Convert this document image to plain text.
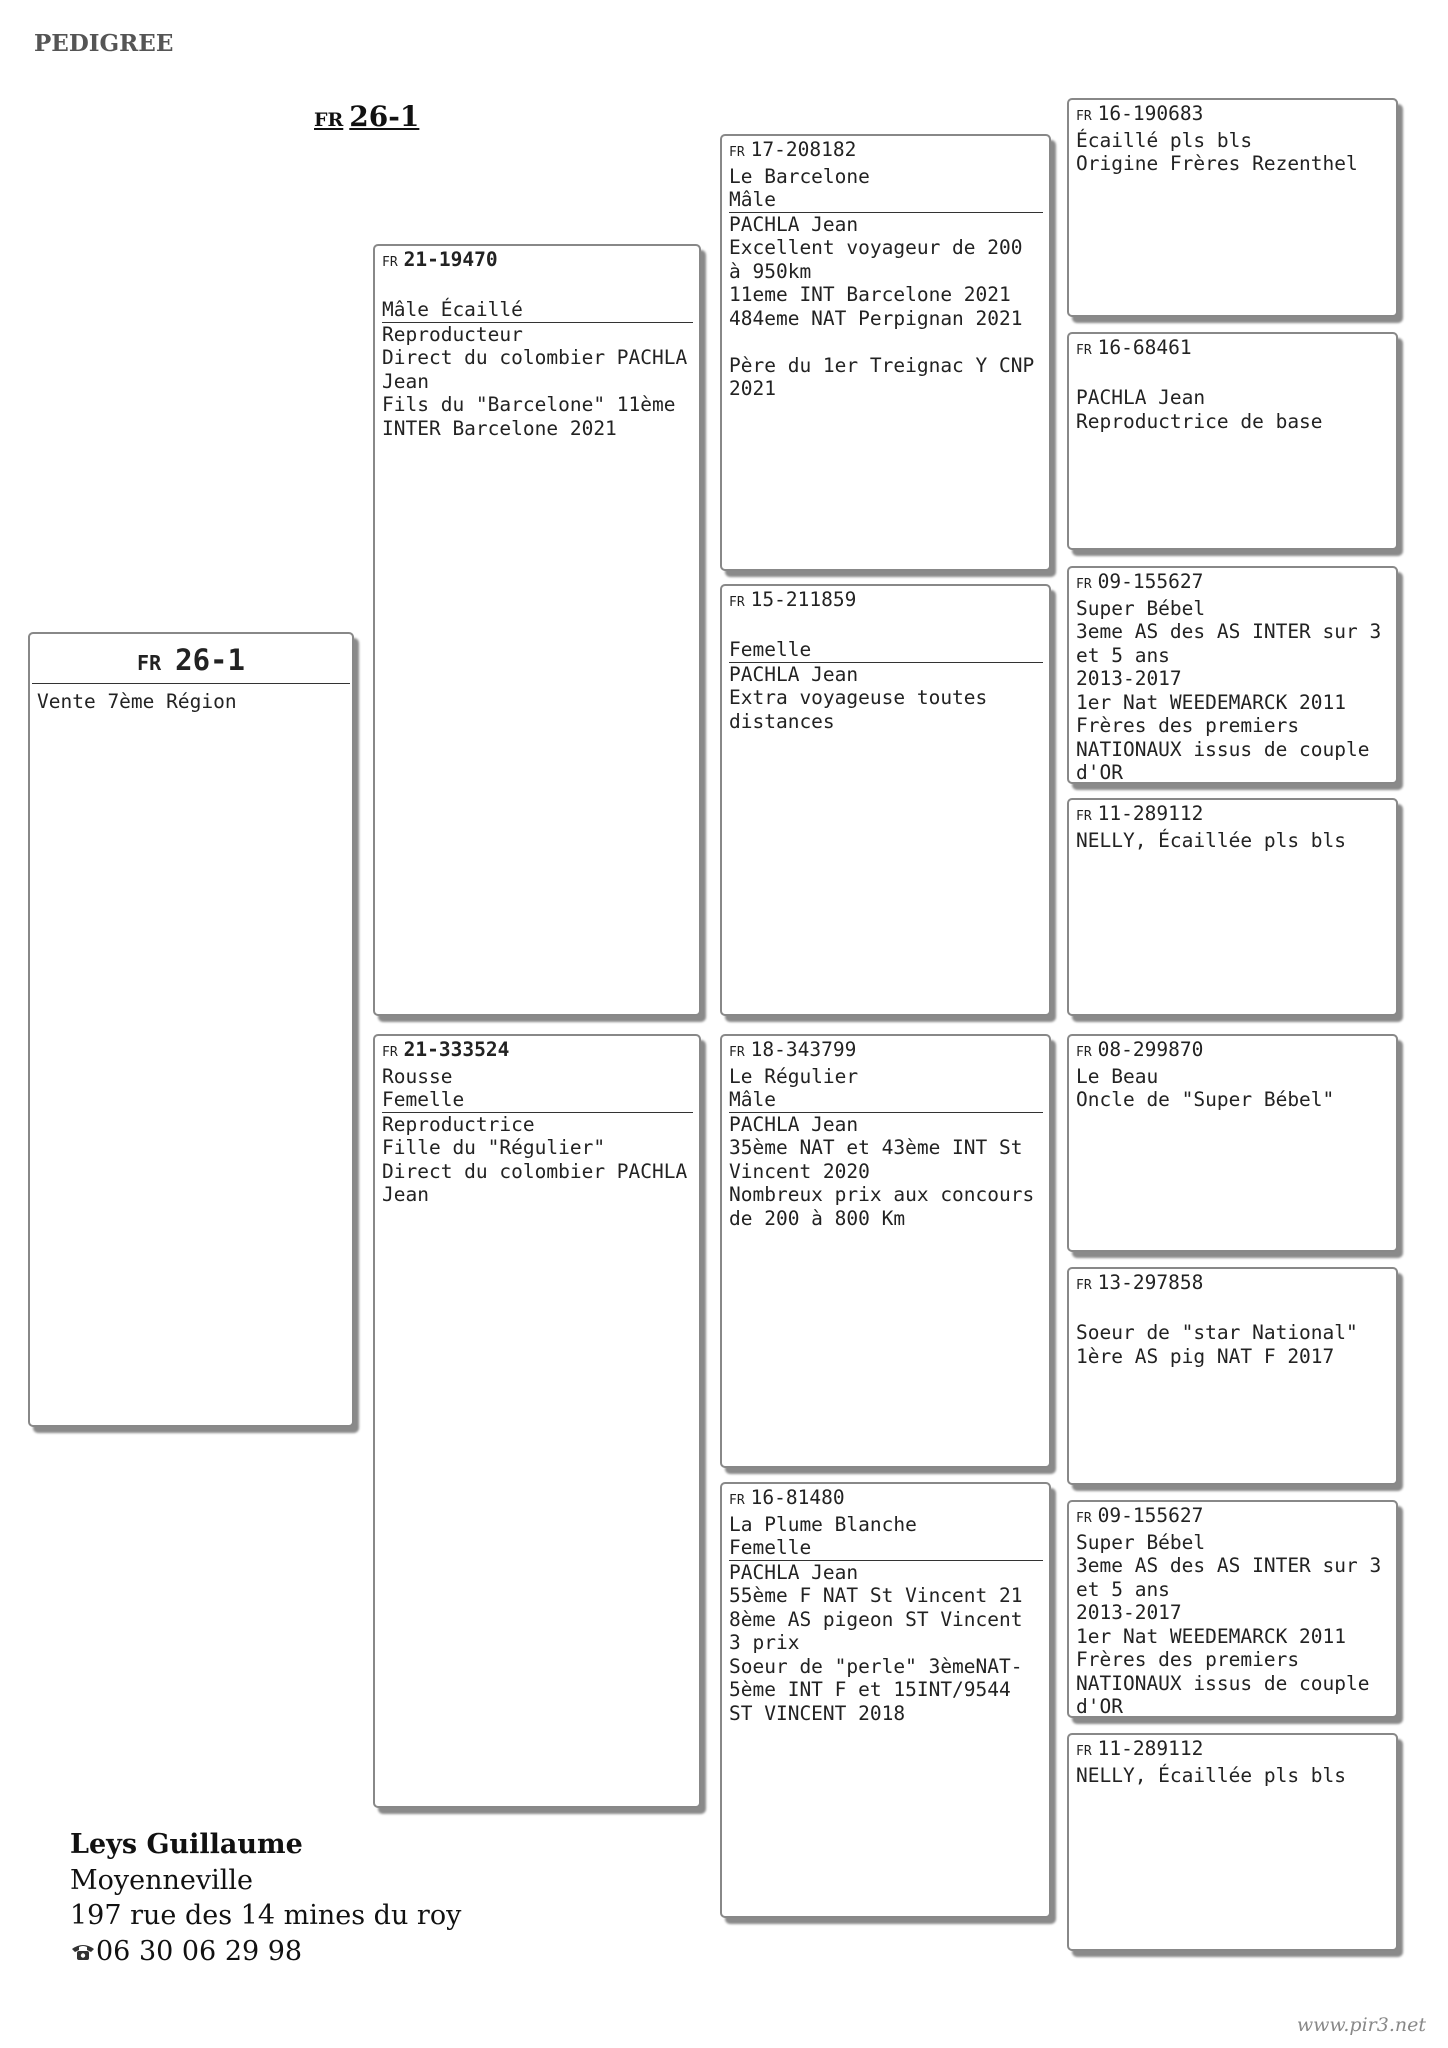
PEDIGREE
FR 26-1
FR 26-1
Vente 7ème Région
FR 21-19470
Mâle Écaillé
Reproducteur
Direct du colombier PACHLA Jean
Fils du "Barcelone" 11ème INTER Barcelone 2021
FR 21-333524
Rousse
Femelle
Reproductrice
Fille du "Régulier"
Direct du colombier PACHLA Jean
FR 17-208182
Le Barcelone
Mâle
PACHLA Jean
Excellent voyageur de 200 à 950km
11eme INT Barcelone 2021
484eme NAT Perpignan 2021
Père du 1er Treignac Y CNP 2021
FR 15-211859
Femelle
PACHLA Jean
Extra voyageuse toutes distances
FR 18-343799
Le Régulier
Mâle
PACHLA Jean
35ème NAT et 43ème INT St Vincent 2020
Nombreux prix aux concours de 200 à 800 Km
FR 16-81480
La Plume Blanche
Femelle
PACHLA Jean
55ème F NAT St Vincent 21
8ème AS pigeon ST Vincent 3 prix
Soeur de "perle" 3èmeNAT-5ème INT F et 15INT/9544 ST VINCENT 2018
FR 16-190683
Écaillé pls bls
Origine Frères Rezenthel
FR 16-68461
PACHLA Jean
Reproductrice de base
FR 09-155627
Super Bébel
3eme AS des AS INTER sur 3 et 5 ans
2013-2017
1er Nat WEEDEMARCK 2011
Frères des premiers NATIONAUX issus de couple d'OR
FR 11-289112
NELLY, Écaillée pls bls
FR 08-299870
Le Beau
Oncle de "Super Bébel"
FR 13-297858
Soeur de "star National"
1ère AS pig NAT F 2017
FR 09-155627
Super Bébel
3eme AS des AS INTER sur 3 et 5 ans
2013-2017
1er Nat WEEDEMARCK 2011
Frères des premiers NATIONAUX issus de couple d'OR
FR 11-289112
NELLY, Écaillée pls bls
Leys Guillaume
Moyenneville
197 rue des 14 mines du roy
06 30 06 29 98
www.pir3.net
